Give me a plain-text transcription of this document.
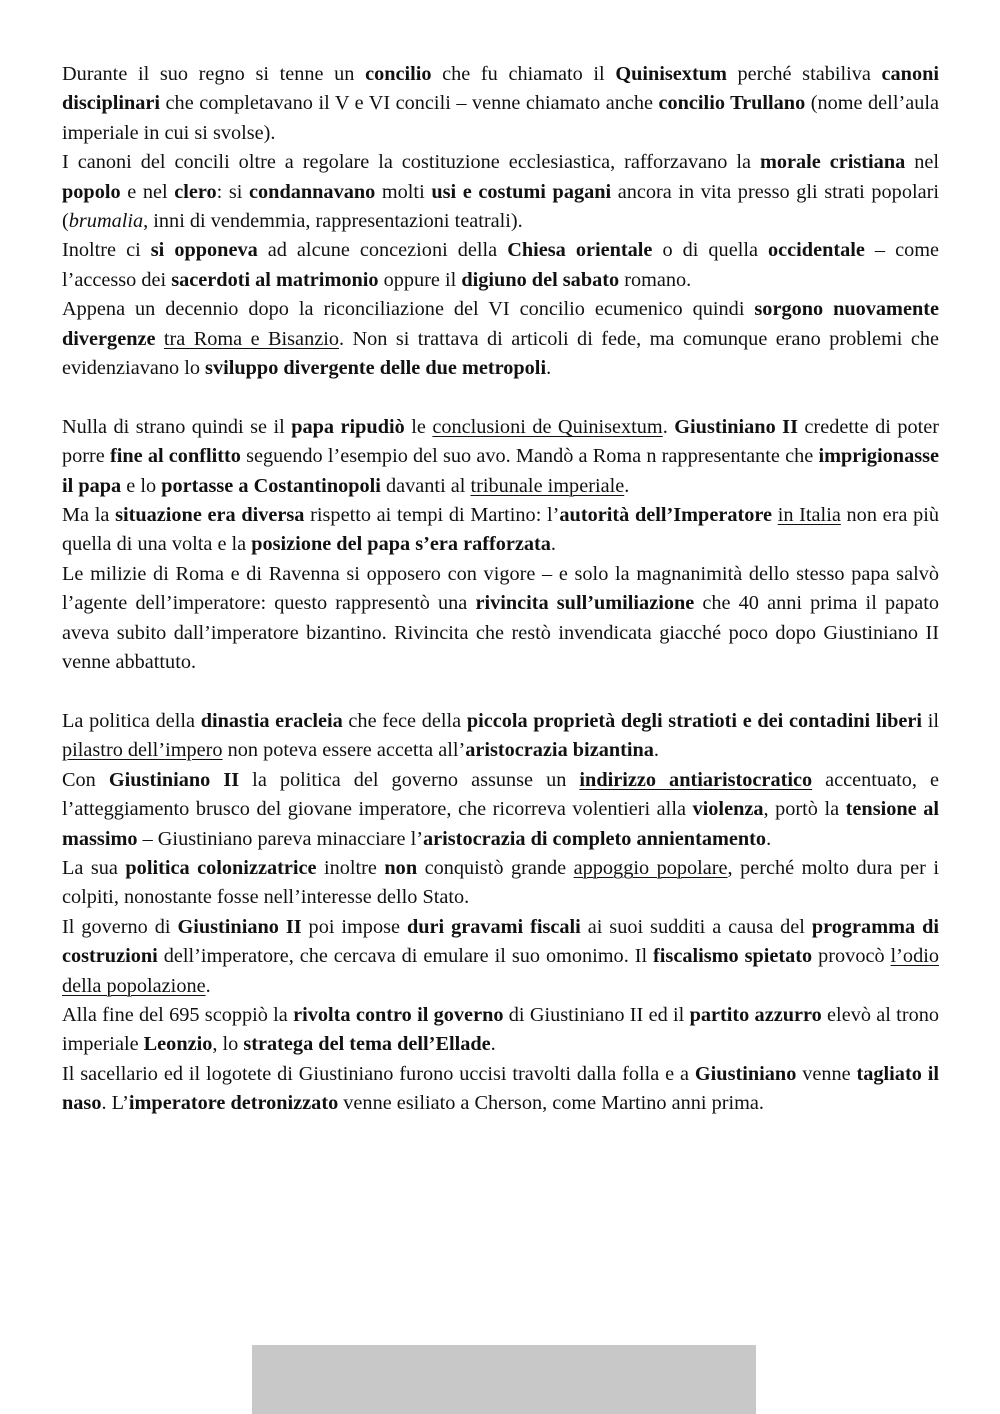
Durante il suo regno si tenne un concilio che fu chiamato il Quinisextum perché stabiliva canoni disciplinari che completavano il V e VI concili – venne chiamato anche concilio Trullano (nome dell’aula imperiale in cui si svolse).

I canoni del concili oltre a regolare la costituzione ecclesiastica, rafforzavano la morale cristiana nel popolo e nel clero: si condannavano molti usi e costumi pagani ancora in vita presso gli strati popolari (brumalia, inni di vendemmia, rappresentazioni teatrali).

Inoltre ci si opponeva ad alcune concezioni della Chiesa orientale o di quella occidentale – come l’accesso dei sacerdoti al matrimonio oppure il digiuno del sabato romano.

Appena un decennio dopo la riconciliazione del VI concilio ecumenico quindi sorgono nuovamente divergenze tra Roma e Bisanzio. Non si trattava di articoli di fede, ma comunque erano problemi che evidenziavano lo sviluppo divergente delle due metropoli.

Nulla di strano quindi se il papa ripudiò le conclusioni de Quinisextum. Giustiniano II credette di poter porre fine al conflitto seguendo l’esempio del suo avo. Mandò a Roma n rappresentante che imprigionasse il papa e lo portasse a Costantinopoli davanti al tribunale imperiale.

Ma la situazione era diversa rispetto ai tempi di Martino: l’autorità dell’Imperatore in Italia non era più quella di una volta e la posizione del papa s’era rafforzata.

Le milizie di Roma e di Ravenna si opposero con vigore – e solo la magnanimità dello stesso papa salvò l’agente dell’imperatore: questo rappresentò una rivincita sull’umiliazione che 40 anni prima il papato aveva subito dall’imperatore bizantino. Rivincita che restò invendicata giacché poco dopo Giustiniano II venne abbattuto.

La politica della dinastia eracleia che fece della piccola proprietà degli stratioti e dei contadini liberi il pilastro dell’impero non poteva essere accetta all’aristocrazia bizantina.

Con Giustiniano II la politica del governo assunse un indirizzo antiaristocratico accentuato, e l’atteggiamento brusco del giovane imperatore, che ricorreva volentieri alla violenza, portò la tensione al massimo – Giustiniano pareva minacciare l’aristocrazia di completo annientamento.

La sua politica colonizzatrice inoltre non conquistò grande appoggio popolare, perché molto dura per i colpiti, nonostante fosse nell’interesse dello Stato.

Il governo di Giustiniano II poi impose duri gravami fiscali ai suoi sudditi a causa del programma di costruzioni dell’imperatore, che cercava di emulare il suo omonimo. Il fiscalismo spietato provocò l’odio della popolazione.

Alla fine del 695 scoppiò la rivolta contro il governo di Giustiniano II ed il partito azzurro elevò al trono imperiale Leonzio, lo stratega del tema dell’Ellade.

Il sacellario ed il logotete di Giustiniano furono uccisi travolti dalla folla e a Giustiniano venne tagliato il naso. L’imperatore detronizzato venne esiliato a Cherson, come Martino anni prima.
